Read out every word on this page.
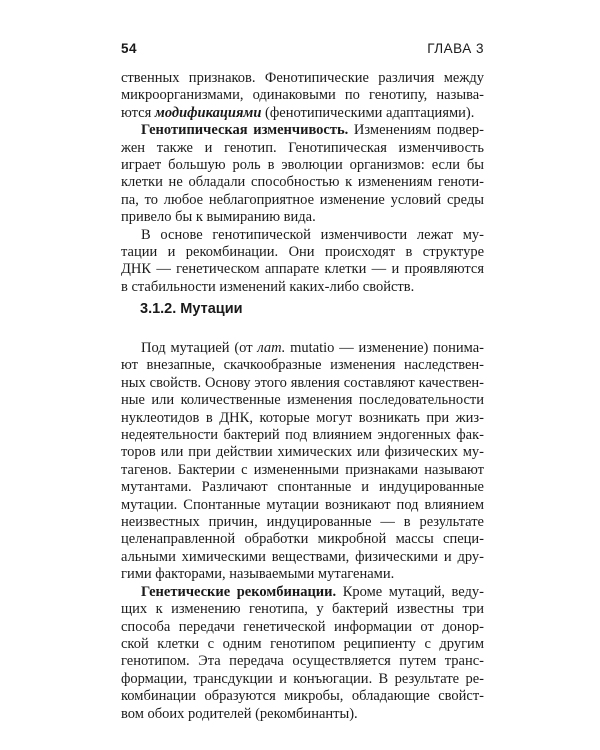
54	ГЛАВА 3

ственных признаков. Фенотипические различия между

микроорганизмами, одинаковыми по генотипу, называ-

ются модификациями (фенотипическими адаптациями).

Генотипическая изменчивость. Изменениям подвер-

жен также и генотип. Генотипическая изменчивость

играет большую роль в эволюции организмов: если бы

клетки не обладали способностью к изменениям геноти-

па, то любое неблагоприятное изменение условий среды

привело бы к вымиранию вида.

В основе генотипической изменчивости лежат му-

тации и рекомбинации. Они происходят в структуре

ДНК — генетическом аппарате клетки — и проявляются

в стабильности изменений каких-либо свойств.

3.1.2. Мутации

Под мутацией (от лат. mutatio — изменение) понима-

ют внезапные, скачкообразные изменения наследствен-

ных свойств. Основу этого явления составляют качествен-

ные или количественные изменения последовательности

нуклеотидов в ДНК, которые могут возникать при жиз-

недеятельности бактерий под влиянием эндогенных фак-

торов или при действии химических или физических му-

тагенов. Бактерии с измененными признаками называют

мутантами. Различают спонтанные и индуцированные

мутации. Спонтанные мутации возникают под влиянием

неизвестных причин, индуцированные — в результате

целенаправленной обработки микробной массы специ-

альными химическими веществами, физическими и дру-

гими факторами, называемыми мутагенами.

Генетические рекомбинации. Кроме мутаций, веду-

щих к изменению генотипа, у бактерий известны три

способа передачи генетической информации от донор-

ской клетки с одним генотипом реципиенту с другим

генотипом. Эта передача осуществляется путем транс-

формации, трансдукции и конъюгации. В результате ре-

комбинации образуются микробы, обладающие свойст-

вом обоих родителей (рекомбинанты).
